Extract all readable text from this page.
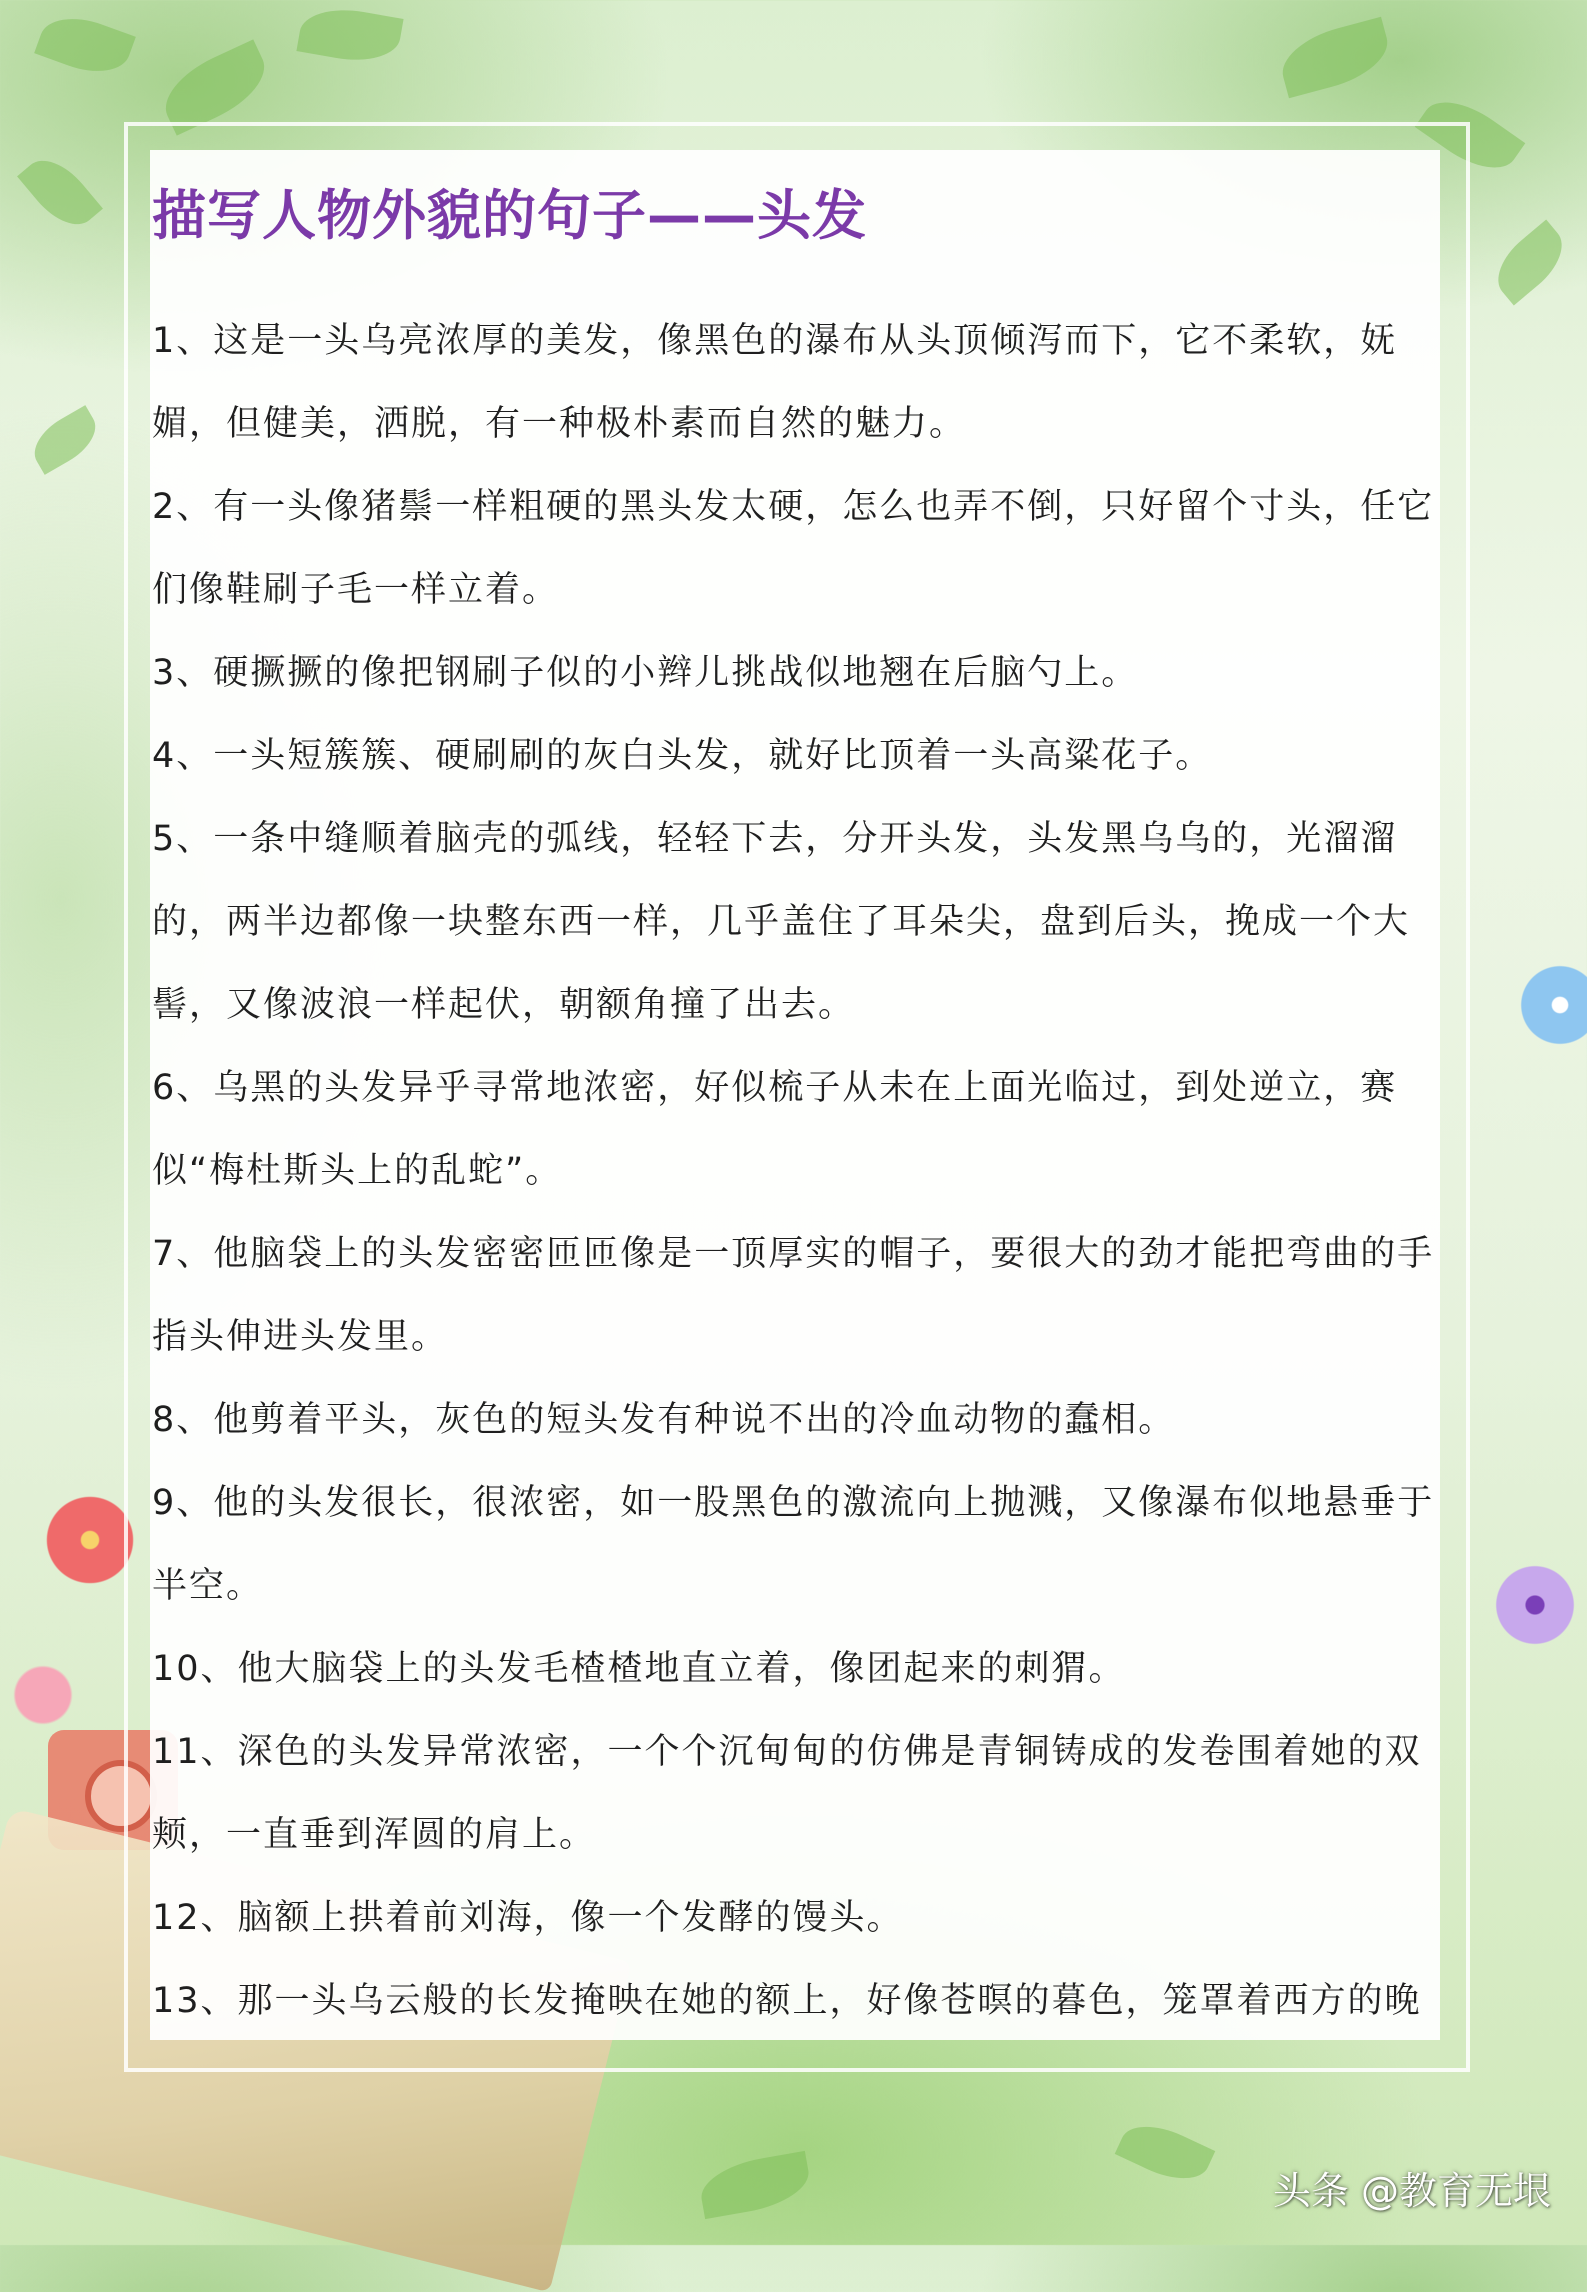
描写人物外貌的句子——头发

1、这是一头乌亮浓厚的美发，像黑色的瀑布从头顶倾泻而下，它不柔软，妩媚，但健美，洒脱，有一种极朴素而自然的魅力。

2、有一头像猪鬃一样粗硬的黑头发太硬，怎么也弄不倒，只好留个寸头，任它们像鞋刷子毛一样立着。

3、硬撅撅的像把钢刷子似的小辫儿挑战似地翘在后脑勺上。

4、一头短簇簇、硬刷刷的灰白头发，就好比顶着一头高粱花子。

5、一条中缝顺着脑壳的弧线，轻轻下去，分开头发，头发黑乌乌的，光溜溜的，两半边都像一块整东西一样，几乎盖住了耳朵尖，盘到后头，挽成一个大髻，又像波浪一样起伏，朝额角撞了出去。

6、乌黑的头发异乎寻常地浓密，好似梳子从未在上面光临过，到处逆立，赛似“梅杜斯头上的乱蛇”。

7、他脑袋上的头发密密匝匝像是一顶厚实的帽子，要很大的劲才能把弯曲的手指头伸进头发里。

8、他剪着平头，灰色的短头发有种说不出的冷血动物的蠢相。

9、他的头发很长，很浓密，如一股黑色的激流向上抛溅，又像瀑布似地悬垂于半空。

10、他大脑袋上的头发毛楂楂地直立着，像团起来的刺猬。

11、深色的头发异常浓密，一个个沉甸甸的仿佛是青铜铸成的发卷围着她的双颊，一直垂到浑圆的肩上。

12、脑额上拱着前刘海，像一个发酵的馒头。

13、那一头乌云般的长发掩映在她的额上，好像苍暝的暮色，笼罩着西方的晚

头条 @教育无垠
